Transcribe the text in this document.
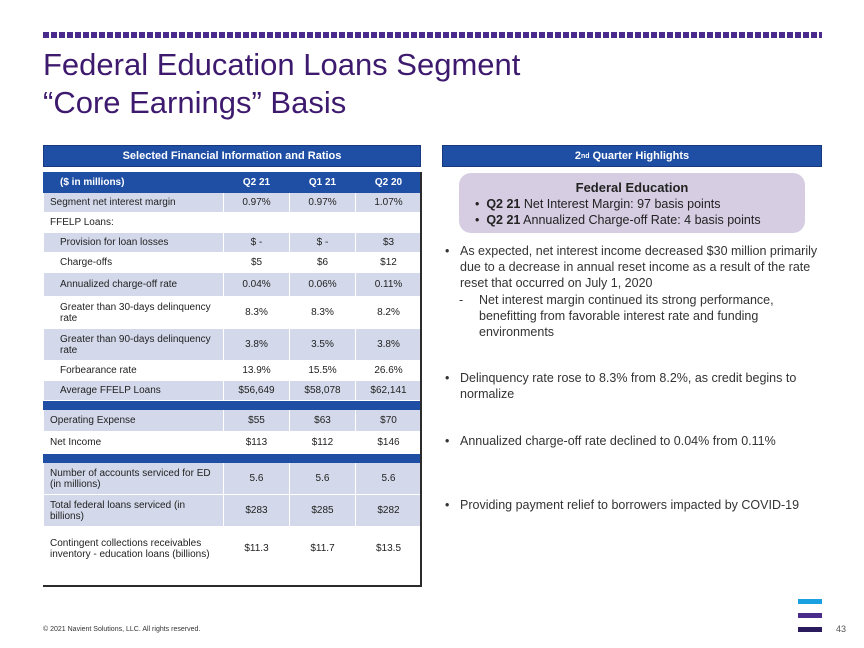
Federal Education Loans Segment
“Core Earnings” Basis
Selected Financial Information and Ratios
($ in millions)	Q2 21	Q1 21	Q2 20
Segment net interest margin	0.97%	0.97%	1.07%
FFELP Loans:			
Provision for loan losses	$ -	$ -	$3
Charge-offs	$5	$6	$12
Annualized charge-off rate	0.04%	0.06%	0.11%
Greater than 30-days delinquency rate	8.3%	8.3%	8.2%
Greater than 90-days delinquency rate	3.8%	3.5%	3.8%
Forbearance rate	13.9%	15.5%	26.6%
Average FFELP Loans	$56,649	$58,078	$62,141

Operating Expense	$55	$63	$70
Net Income	$113	$112	$146

Number of accounts serviced for ED (in millions)	5.6	5.6	5.6
Total federal loans serviced (in billions)	$283	$285	$282
Contingent collections receivables inventory - education loans (billions)	$11.3	$11.7	$13.5
2 nd Quarter Highlights
Federal Education
•  Q2 21 Net Interest Margin: 97 basis points
•  Q2 21 Annualized Charge-off Rate: 4 basis points
• As expected, net interest income decreased $30 million primarily due to a decrease in annual reset income as a result of the rate reset that occurred on July 1, 2020
- Net interest margin continued its strong performance, benefitting from favorable interest rate and funding environments
• Delinquency rate rose to 8.3% from 8.2%, as credit begins to normalize
• Annualized charge-off rate declined to 0.04% from 0.11%
• Providing payment relief to borrowers impacted by COVID-19
© 2021 Navient Solutions, LLC. All rights reserved.	43
